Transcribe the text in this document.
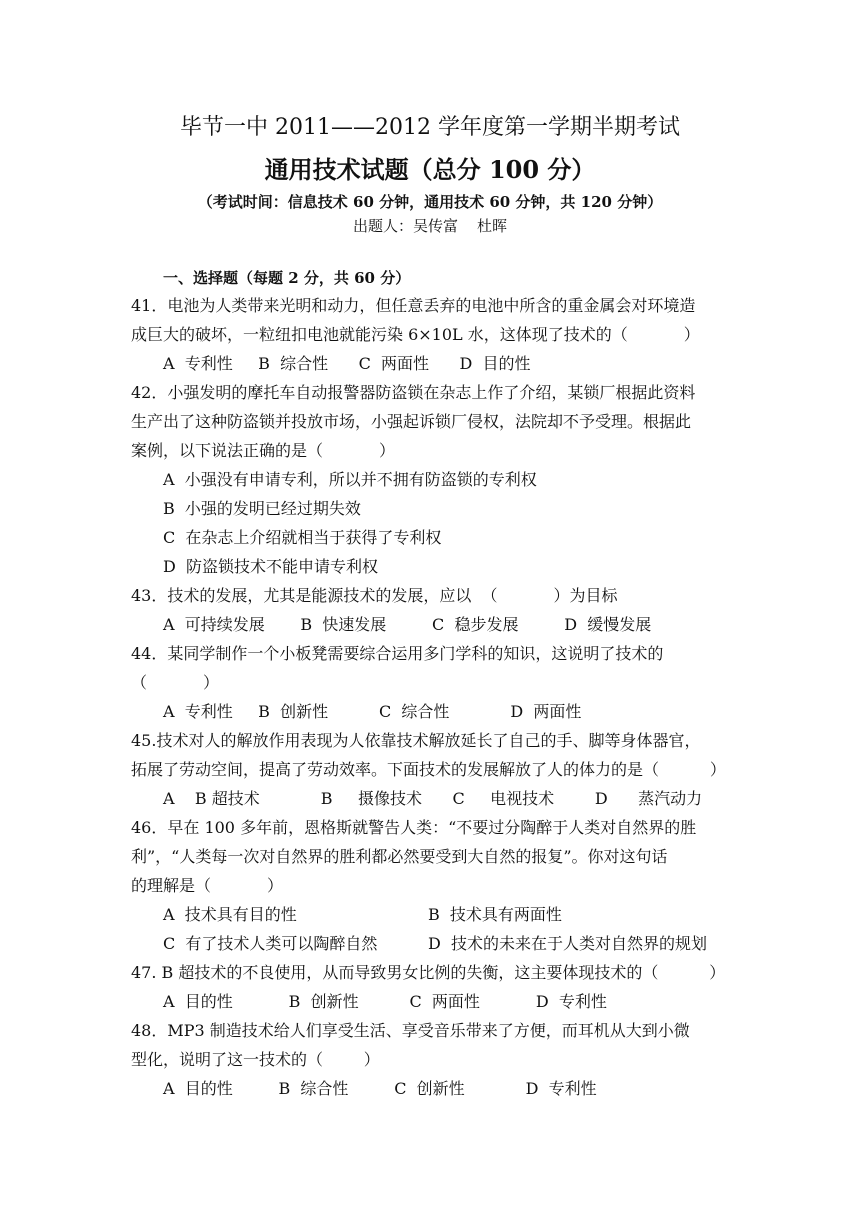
毕节一中 2011——2012 学年度第一学期半期考试
通用技术试题（总分 100 分）
（考试时间：信息技术 60 分钟，通用技术 60 分钟，共 120 分钟）
出题人：吴传富    杜晖
一、选择题（每题 2 分，共 60 分）
41．电池为人类带来光明和动力，但任意丢弃的电池中所含的重金属会对环境造
成巨大的破坏，一粒纽扣电池就能污染 6×10L 水，这体现了技术的（           ）
A  专利性     B  综合性      C  两面性      D  目的性
42．小强发明的摩托车自动报警器防盗锁在杂志上作了介绍，某锁厂根据此资料
生产出了这种防盗锁并投放市场，小强起诉锁厂侵权，法院却不予受理。根据此
案例，以下说法正确的是（           ）
A  小强没有申请专利，所以并不拥有防盗锁的专利权
B  小强的发明已经过期失效
C  在杂志上介绍就相当于获得了专利权
D  防盗锁技术不能申请专利权
43．技术的发展，尤其是能源技术的发展，应以  （           ）为目标
A  可持续发展       B  快速发展         C  稳步发展         D  缓慢发展
44．某同学制作一个小板凳需要综合运用多门学科的知识，这说明了技术的
（           ）
A  专利性     B  创新性          C  综合性            D  两面性
45.技术对人的解放作用表现为人依靠技术解放延长了自己的手、脚等身体器官，
拓展了劳动空间，提高了劳动效率。下面技术的发展解放了人的体力的是（          ）
A    B 超技术            B     摄像技术      C     电视技术        D      蒸汽动力
46．早在 100 多年前，恩格斯就警告人类：“不要过分陶醉于人类对自然界的胜
利”，“人类每一次对自然界的胜利都必然要受到大自然的报复”。你对这句话
的理解是（           ）
A  技术具有目的性	B  技术具有两面性
C  有了技术人类可以陶醉自然	D  技术的未来在于人类对自然界的规划
47. B 超技术的不良使用，从而导致男女比例的失衡，这主要体现技术的（          ）
A  目的性           B  创新性          C  两面性           D  专利性
48．MP3 制造技术给人们享受生活、享受音乐带来了方便，而耳机从大到小微
型化，说明了这一技术的（        ）
A  目的性         B  综合性         C  创新性            D  专利性
